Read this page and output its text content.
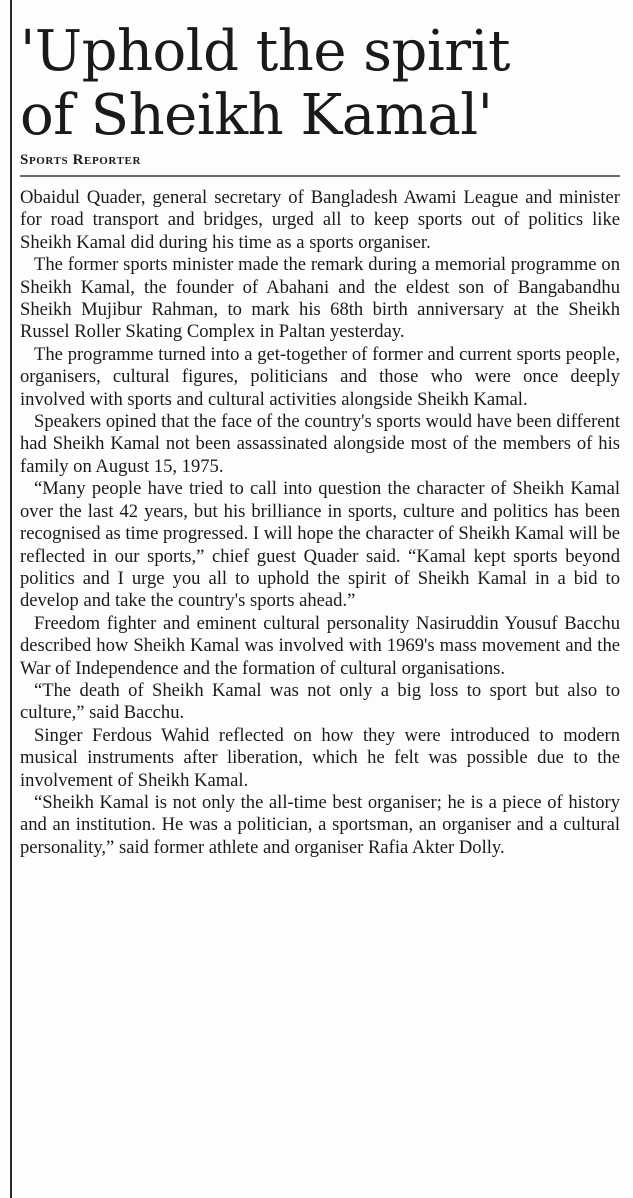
'Uphold the spirit
of Sheikh Kamal'
Sports Reporter

Obaidul Quader, general secretary of Bangladesh Awami League and minister for road transport and bridges, urged all to keep sports out of politics like Sheikh Kamal did during his time as a sports organiser.

The former sports minister made the remark during a memorial programme on Sheikh Kamal, the founder of Abahani and the eldest son of Bangabandhu Sheikh Mujibur Rahman, to mark his 68th birth anniversary at the Sheikh Russel Roller Skating Complex in Paltan yesterday.

The programme turned into a get-together of former and current sports people, organisers, cultural figures, politicians and those who were once deeply involved with sports and cultural activities alongside Sheikh Kamal.

Speakers opined that the face of the country's sports would have been different had Sheikh Kamal not been assassinated alongside most of the members of his family on August 15, 1975.

“Many people have tried to call into question the character of Sheikh Kamal over the last 42 years, but his brilliance in sports, culture and politics has been recognised as time progressed. I will hope the character of Sheikh Kamal will be reflected in our sports,” chief guest Quader said. “Kamal kept sports beyond politics and I urge you all to uphold the spirit of Sheikh Kamal in a bid to develop and take the country's sports ahead.”

Freedom fighter and eminent cultural personality Nasiruddin Yousuf Bacchu described how Sheikh Kamal was involved with 1969's mass movement and the War of Independence and the formation of cultural organisations.

“The death of Sheikh Kamal was not only a big loss to sport but also to culture,” said Bacchu.

Singer Ferdous Wahid reflected on how they were introduced to modern musical instruments after liberation, which he felt was possible due to the involvement of Sheikh Kamal.

“Sheikh Kamal is not only the all-time best organiser; he is a piece of history and an institution. He was a politician, a sportsman, an organiser and a cultural personality,” said former athlete and organiser Rafia Akter Dolly.
